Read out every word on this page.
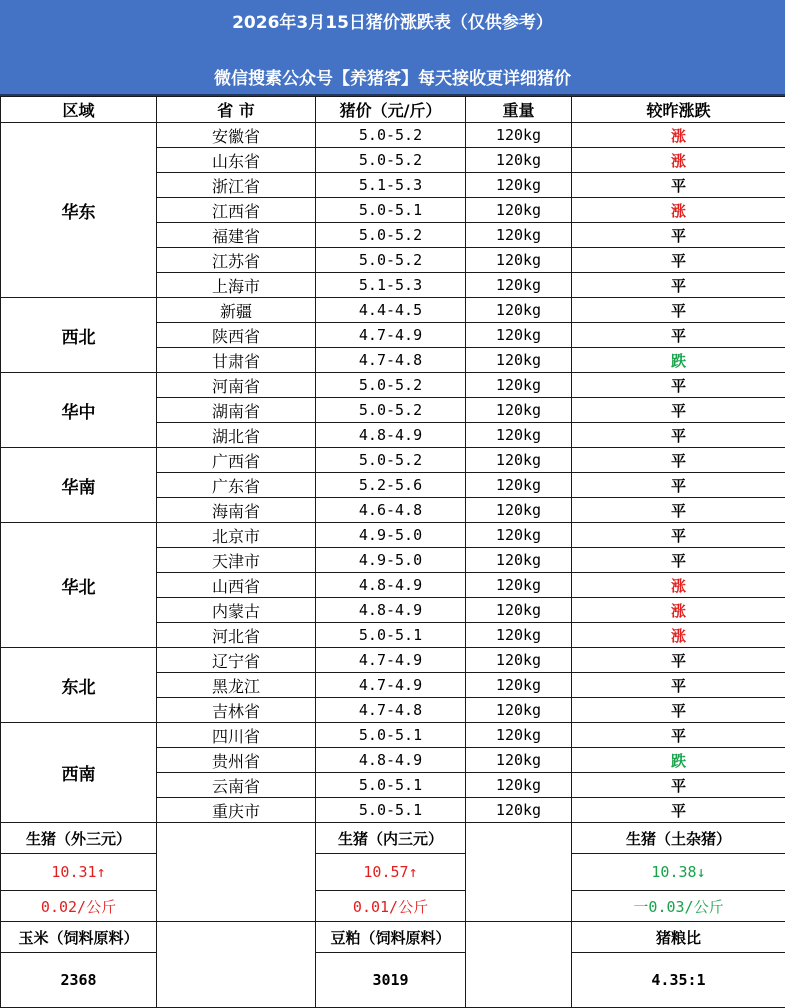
2026年3月15日猪价涨跌表（仅供参考）
微信搜素公众号【养猪客】每天接收更详细猪价
区域	省 市	猪价（元/斤）	重量	较昨涨跌
华东	安徽省	5.0-5.2	120kg	涨
	山东省	5.0-5.2	120kg	涨
	浙江省	5.1-5.3	120kg	平
	江西省	5.0-5.1	120kg	涨
	福建省	5.0-5.2	120kg	平
	江苏省	5.0-5.2	120kg	平
	上海市	5.1-5.3	120kg	平
西北	新疆	4.4-4.5	120kg	平
	陕西省	4.7-4.9	120kg	平
	甘肃省	4.7-4.8	120kg	跌
华中	河南省	5.0-5.2	120kg	平
	湖南省	5.0-5.2	120kg	平
	湖北省	4.8-4.9	120kg	平
华南	广西省	5.0-5.2	120kg	平
	广东省	5.2-5.6	120kg	平
	海南省	4.6-4.8	120kg	平
华北	北京市	4.9-5.0	120kg	平
	天津市	4.9-5.0	120kg	平
	山西省	4.8-4.9	120kg	涨
	内蒙古	4.8-4.9	120kg	涨
	河北省	5.0-5.1	120kg	涨
东北	辽宁省	4.7-4.9	120kg	平
	黑龙江	4.7-4.9	120kg	平
	吉林省	4.7-4.8	120kg	平
西南	四川省	5.0-5.1	120kg	平
	贵州省	4.8-4.9	120kg	跌
	云南省	5.0-5.1	120kg	平
	重庆市	5.0-5.1	120kg	平
生猪（外三元）		生猪（内三元）		生猪（土杂猪）
10.31↑		10.57↑		10.38↓
0.02/公斤		0.01/公斤		一0.03/公斤
玉米（饲料原料）		豆粕（饲料原料）		猪粮比
2368		3019		4.35:1
